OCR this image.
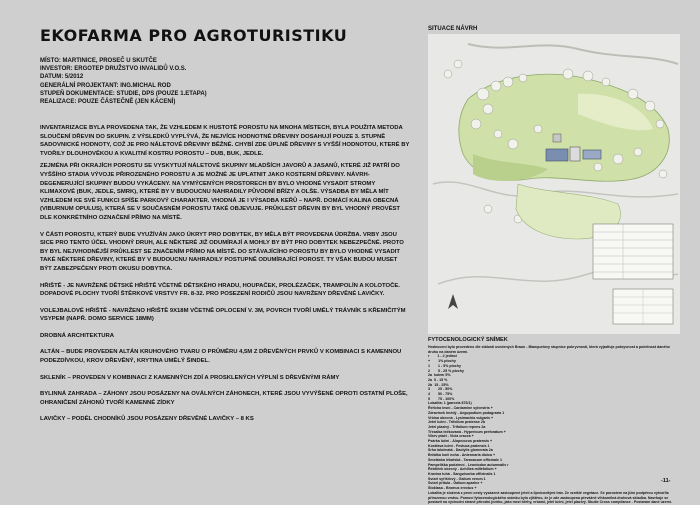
EKOFARMA PRO AGROTURISTIKU
MÍSTO: MARTINICE, PROSEČ U SKUTČE
INVESTOR: ERGOTEP DRUŽSTVO INVALIDŮ V.O.S.
DATUM: 5/2012
GENERÁLNÍ PROJEKTANT: ING.MICHAL ROD
STUPEŇ DOKUMENTACE: STUDIE, DPS (POUZE 1.ETAPA)
REALIZACE: POUZE ČÁSTEČNĚ (JEN KÁCENÍ)

INVENTARIZACE BYLA PROVEDENA TAK, ŽE VZHLEDEM K HUSTOTĚ POROSTU NA MNOHA MÍSTECH, BYLA POUŽITA METODA SLOUČENÍ DŘEVIN DO SKUPIN. Z VÝSLEDKŮ VYPLÝVÁ, ŽE NEJVÍCE HODNOTNÉ DŘEVINY DOSAHUJÍ POUZE 3. STUPNĚ SADOVNICKÉ HODNOTY, COŽ JE PRO NÁLETOVÉ DŘEVINY BĚŽNÉ. CHYBÍ ZDE ÚPLNĚ DŘEVINY S VYŠŠÍ HODNOTOU, KTERÉ BY TVOŘILY DLOUHOVĚKOU A KVALITNÍ KOSTRU POROSTU – DUB, BUK, JEDLE.

ZEJMÉNA PŘI OKRAJÍCH POROSTU SE VYSKYTUJÍ NÁLETOVÉ SKUPINY MLADŠÍCH JAVORŮ A JASANŮ, KTERÉ JIŽ PATŘÍ DO VYŠŠÍHO STADIA VÝVOJE PŘIROZENÉHO POROSTU A JE MOŽNÉ JE UPLATNIT JAKO KOSTERNÍ DŘEVINY. NÁVRH- DEGENERUJÍCÍ SKUPINY BUDOU VYKÁCENY. NA VYMÝCENÝCH PROSTORECH BY BYLO VHODNÉ VYSADIT STROMY KLIMAXOVÉ (BUK, JEDLE, SMRK), KTERÉ BY V BUDOUCNU NAHRADILY PŮVODNÍ BŘÍZY A OLŠE. VÝSADBA BY MĚLA MÍT VZHLEDEM KE SVÉ FUNKCI SPÍŠE PARKOVÝ CHARAKTER. VHODNÁ JE I VÝSADBA KEŘŮ – NAPŘ. DOMÁCÍ KALINA OBECNÁ (VIBURNUM OPULUS), KTERÁ SE V SOUČASNÉM POROSTU TAKÉ OBJEVUJE. PRŮKLEST DŘEVIN BY BYL VHODNÝ PROVÉST DLE KONKRÉTNÍHO OZNAČENÍ PŘÍMO NA MÍSTĚ.

V ČÁSTI POROSTU, KTERÝ BUDE VYUŽÍVÁN JAKO ÚKRYT PRO DOBYTEK, BY MĚLA BÝT PROVEDENA ÚDRŽBA. VRBY JSOU SICE PRO TENTO ÚČEL VHODNÝ DRUH, ALE NĚKTERÉ JIŽ ODUMÍRAJÍ A MOHLY BY BÝT PRO DOBYTEK NEBEZPEČNÉ. PROTO BY BYL NEJVHODNĚJŠÍ PRŮKLEST SE ZNAČENÍM PŘÍMO NA MÍSTĚ. DO STÁVAJÍCÍHO POROSTU BY BYLO VHODNÉ VYSADIT TAKÉ NĚKTERÉ DŘEVINY, KTERÉ BY V BUDOUCNU NAHRADILY POSTUPNĚ ODUMÍRAJÍCÍ POROST. TY VŠAK BUDOU MUSET BÝT ZABEZPEČENY PROTI OKUSU DOBYTKA.

HŘIŠTĚ - JE NAVRŽENÉ DĚTSKÉ HŘIŠTĚ VČETNĚ DĚTSKÉHO HRADU, HOUPAČEK, PROLÉZAČEK, TRAMPOLÍN A KOLOTOČE. DOPADOVÉ PLOCHY TVOŘÍ ŠTĚRKOVÉ VRSTVY FR. 8-32. PRO POSEZENÍ RODIČŮ JSOU NAVRŽENY DŘEVĚNÉ LAVIČKY.

VOLEJBALOVÉ HŘIŠTĚ - NAVRŽENO HŘIŠTĚ 9X18M VČETNĚ OPLOCENÍ V. 3M, POVRCH TVOŘÍ UMĚLÝ TRÁVNÍK S KŘEMIČITÝM VSYPEM (NAPŘ. DOMO SERVICE 18MM)

DROBNÁ ARCHITEKTURA

ALTÁN – BUDE PROVEDEN ALTÁN KRUHOVÉHO TVARU O PRŮMĚRU 4,5M Z DŘEVĚNÝCH PRVKŮ V KOMBINACI S KAMENNOU PODEZDÍVKOU, KROV DŘEVĚNÝ, KRYTINA UMĚLÝ ŠINDEL.

SKLENÍK – PROVEDEN V KOMBINACI Z KAMENNÝCH ZDÍ A PROSKLENÝCH VÝPLNÍ S DŘEVĚNÝMI RÁMY

BYLINNÁ ZAHRADA – ZÁHONY JSOU POSÁZENY NA OVÁLNÝCH ZÁHONECH, KTERÉ JSOU VYVÝŠENÉ OPROTI OSTATNÍ PLOŠE, OHRANIČENÍ ZÁHONŮ TVOŘÍ KAMENNÉ ZÍDKY

LAVIČKY – PODÉL CHODNÍKŮ JSOU POSÁZENY DŘEVĚNÉ LAVIČKY – 8 KS

SITUACE NÁVRH
FYTOCENOLOGICKÝ SNÍMEK
Hodnocení bylo provedeno dle stálosti uvedených Braun - Blanquetovy stupnice pokryvnosti, která vyjadřuje pokryvnost a početnost daného druhu na daném území.
r        1 - 2 jedinci
+        1% plochy
1        1 - 5% plochy
2        5 - 25 % plochy
2a  kolem 5%
2a  5 - 15 %
2b  15 - 25%
3        25 - 50%
4        50 - 75%
5        75 - 100%
Lokalita: 1 (parcela 876/1)
Řeřicha lesní - Cardamine sylvestris +
Zdravínek hnědý - Aegopodium podagraria 1
Vrbina obecná - Lysimachia vulgaris +
Jetel luční - Trifolium pratense 2b
Jetel plazivý - Trifolium repens 2a
Třezalka tečkovaná - Hypericum perforatum +
Vikev ptačí - Vicia cracca +
Psárka luční - Alopecurus pratensis +
Kostřava luční - Festuca pratensis 1
Srha laločnatá - Dactylis glomerata 2a
Brčálka kočí noha - Antennaria dioica +
Smetánka lékařská - Taraxacum officinale 1
Pampeliška podzimní - Leontodon autumnalis r
Řebříček obecný - Achillea millefolium +
Kravina tuhá - Sanguisorba officinalis 1
Svízel syřišťový - Galium verum 1
Svízel přítula - Galium aparine +
Stoklasa - Bromus erectus +
Lokalita je složená z první cesty vysázené zastoupené jetelí a lipnicovitými tráv. Ze vzniklé vegetace. Se porostem na jižní podpěrou vytvořila přirozenou vrstvu. Pomocí fytocenologického snímku bylo zjištěno, že je zde zastoupena převážně vlhkomilná druhová skladba. Navrhuje se postavit na východní straně přírodní jezírko, jako mezi břehy, vrbami, jetel luční, jetel plazivý. Studie Cross compliance - Postarání dané území.
-11-
